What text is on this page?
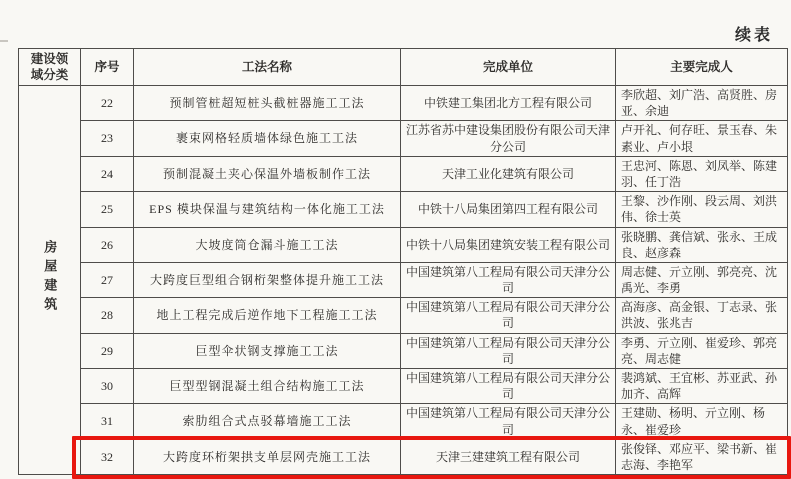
续表
建设领域分类	序号	工法名称	完成单位	主要完成人
房屋建筑	22	预制管桩超短桩头截桩器施工工法	中铁建工集团北方工程有限公司	李欣超、刘广浩、高贤胜、房亚、余迪
	23	裹束网格轻质墙体绿色施工工法	江苏省苏中建设集团股份有限公司天津分公司	卢开礼、何存旺、景玉春、朱素业、卢小垠
	24	预制混凝土夹心保温外墙板制作工法	天津工业化建筑有限公司	王忠河、陈恩、刘凤举、陈建羽、任丁浩
	25	EPS 模块保温与建筑结构一体化施工工法	中铁十八局集团第四工程有限公司	王黎、沙作刚、段云周、刘洪伟、徐士英
	26	大坡度筒仓漏斗施工工法	中铁十八局集团建筑安装工程有限公司	张晓鹏、龚信斌、张永、王成良、赵彦森
	27	大跨度巨型组合钢桁架整体提升施工工法	中国建筑第八工程局有限公司天津分公司	周志健、亓立刚、郭亮亮、沈禹光、李勇
	28	地上工程完成后逆作地下工程施工工法	中国建筑第八工程局有限公司天津分公司	高海彦、高金银、丁志录、张洪波、张兆吉
	29	巨型伞状钢支撑施工工法	中国建筑第八工程局有限公司天津分公司	李勇、亓立刚、崔爱珍、郭亮亮、周志健
	30	巨型型钢混凝土组合结构施工工法	中国建筑第八工程局有限公司天津分公司	裴鸿斌、王宜彬、苏亚武、孙加齐、高辉
	31	索肋组合式点驳幕墙施工工法	中国建筑第八工程局有限公司天津分公司	王建勋、杨明、亓立刚、杨永、崔爱珍
	32	大跨度环桁架拱支单层网壳施工工法	天津三建建筑工程有限公司	张俊铎、邓应平、梁书新、崔志海、李艳军
